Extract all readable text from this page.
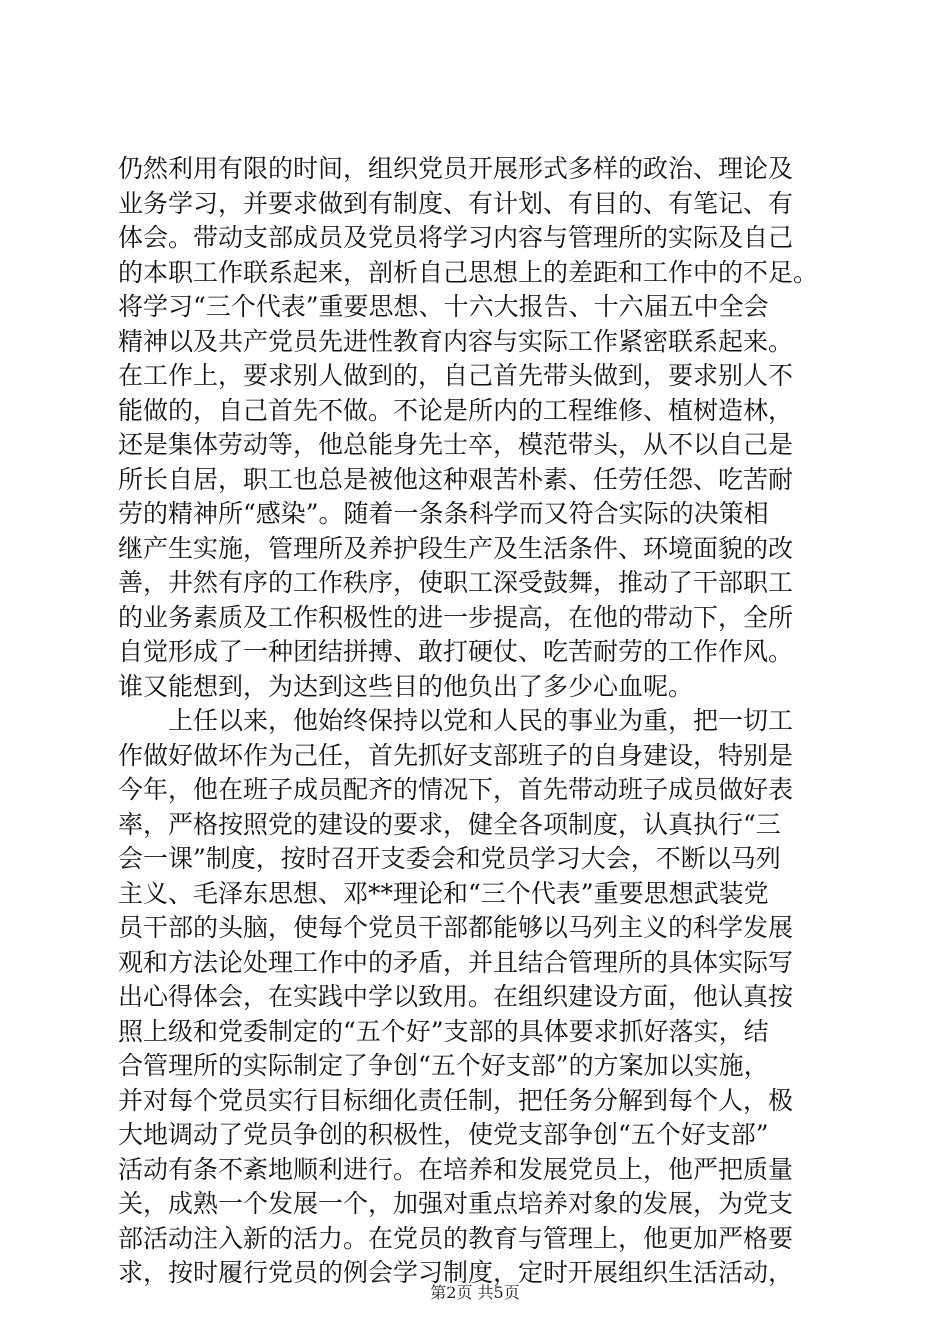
仍然利用有限的时间，组织党员开展形式多样的政治、理论及
业务学习，并要求做到有制度、有计划、有目的、有笔记、有
体会。带动支部成员及党员将学习内容与管理所的实际及自己
的本职工作联系起来，剖析自己思想上的差距和工作中的不足。
将学习“三个代表”重要思想、十六大报告、十六届五中全会
精神以及共产党员先进性教育内容与实际工作紧密联系起来。
在工作上，要求别人做到的，自己首先带头做到，要求别人不
能做的，自己首先不做。不论是所内的工程维修、植树造林，
还是集体劳动等，他总能身先士卒，模范带头，从不以自己是
所长自居，职工也总是被他这种艰苦朴素、任劳任怨、吃苦耐
劳的精神所“感染”。随着一条条科学而又符合实际的决策相
继产生实施，管理所及养护段生产及生活条件、环境面貌的改
善，井然有序的工作秩序，使职工深受鼓舞，推动了干部职工
的业务素质及工作积极性的进一步提高，在他的带动下，全所
自觉形成了一种团结拼搏、敢打硬仗、吃苦耐劳的工作作风。
谁又能想到，为达到这些目的他负出了多少心血呢。
　　上任以来，他始终保持以党和人民的事业为重，把一切工
作做好做坏作为己任，首先抓好支部班子的自身建设，特别是
今年，他在班子成员配齐的情况下，首先带动班子成员做好表
率，严格按照党的建设的要求，健全各项制度，认真执行“三
会一课”制度，按时召开支委会和党员学习大会，不断以马列
主义、毛泽东思想、邓**理论和“三个代表”重要思想武装党
员干部的头脑，使每个党员干部都能够以马列主义的科学发展
观和方法论处理工作中的矛盾，并且结合管理所的具体实际写
出心得体会，在实践中学以致用。在组织建设方面，他认真按
照上级和党委制定的“五个好”支部的具体要求抓好落实，结
合管理所的实际制定了争创“五个好支部”的方案加以实施，
并对每个党员实行目标细化责任制，把任务分解到每个人，极
大地调动了党员争创的积极性，使党支部争创“五个好支部”
活动有条不紊地顺利进行。在培养和发展党员上，他严把质量
关，成熟一个发展一个，加强对重点培养对象的发展，为党支
部活动注入新的活力。在党员的教育与管理上，他更加严格要
求，按时履行党员的例会学习制度，定时开展组织生活活动，
第2页 共5页
